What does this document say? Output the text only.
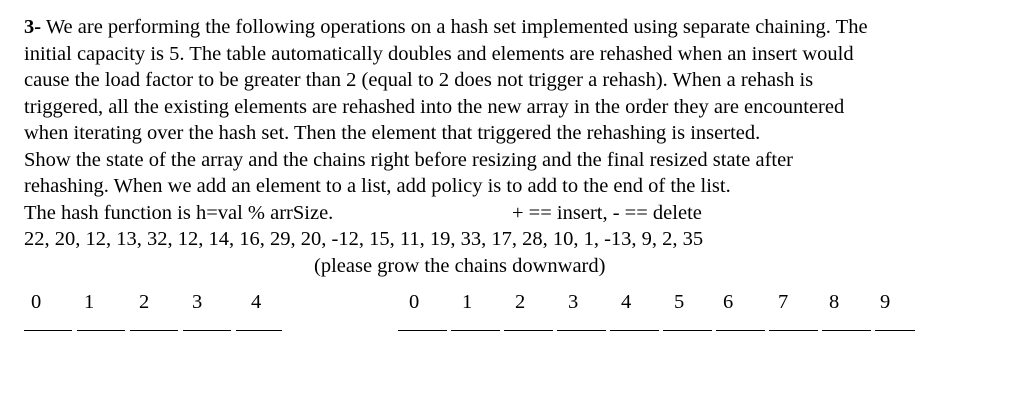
3- We are performing the following operations on a hash set implemented using separate chaining. The
initial capacity is 5. The table automatically doubles and elements are rehashed when an insert would
cause the load factor to be greater than 2 (equal to 2 does not trigger a rehash). When a rehash is
triggered, all the existing elements are rehashed into the new array in the order they are encountered
when iterating over the hash set. Then the element that triggered the rehashing is inserted.
Show the state of the array and the chains right before resizing and the final resized state after
rehashing. When we add an element to a list, add policy is to add to the end of the list.
The hash function is h=val % arrSize.	+ == insert, - == delete
22, 20, 12, 13, 32, 12, 14, 16, 29, 20, -12, 15, 11, 19, 33, 17, 28, 10, 1, -13, 9, 2, 35
(please grow the chains downward)
0 1 2 3 4	0 1 2 3 4 5 6 7 8 9
